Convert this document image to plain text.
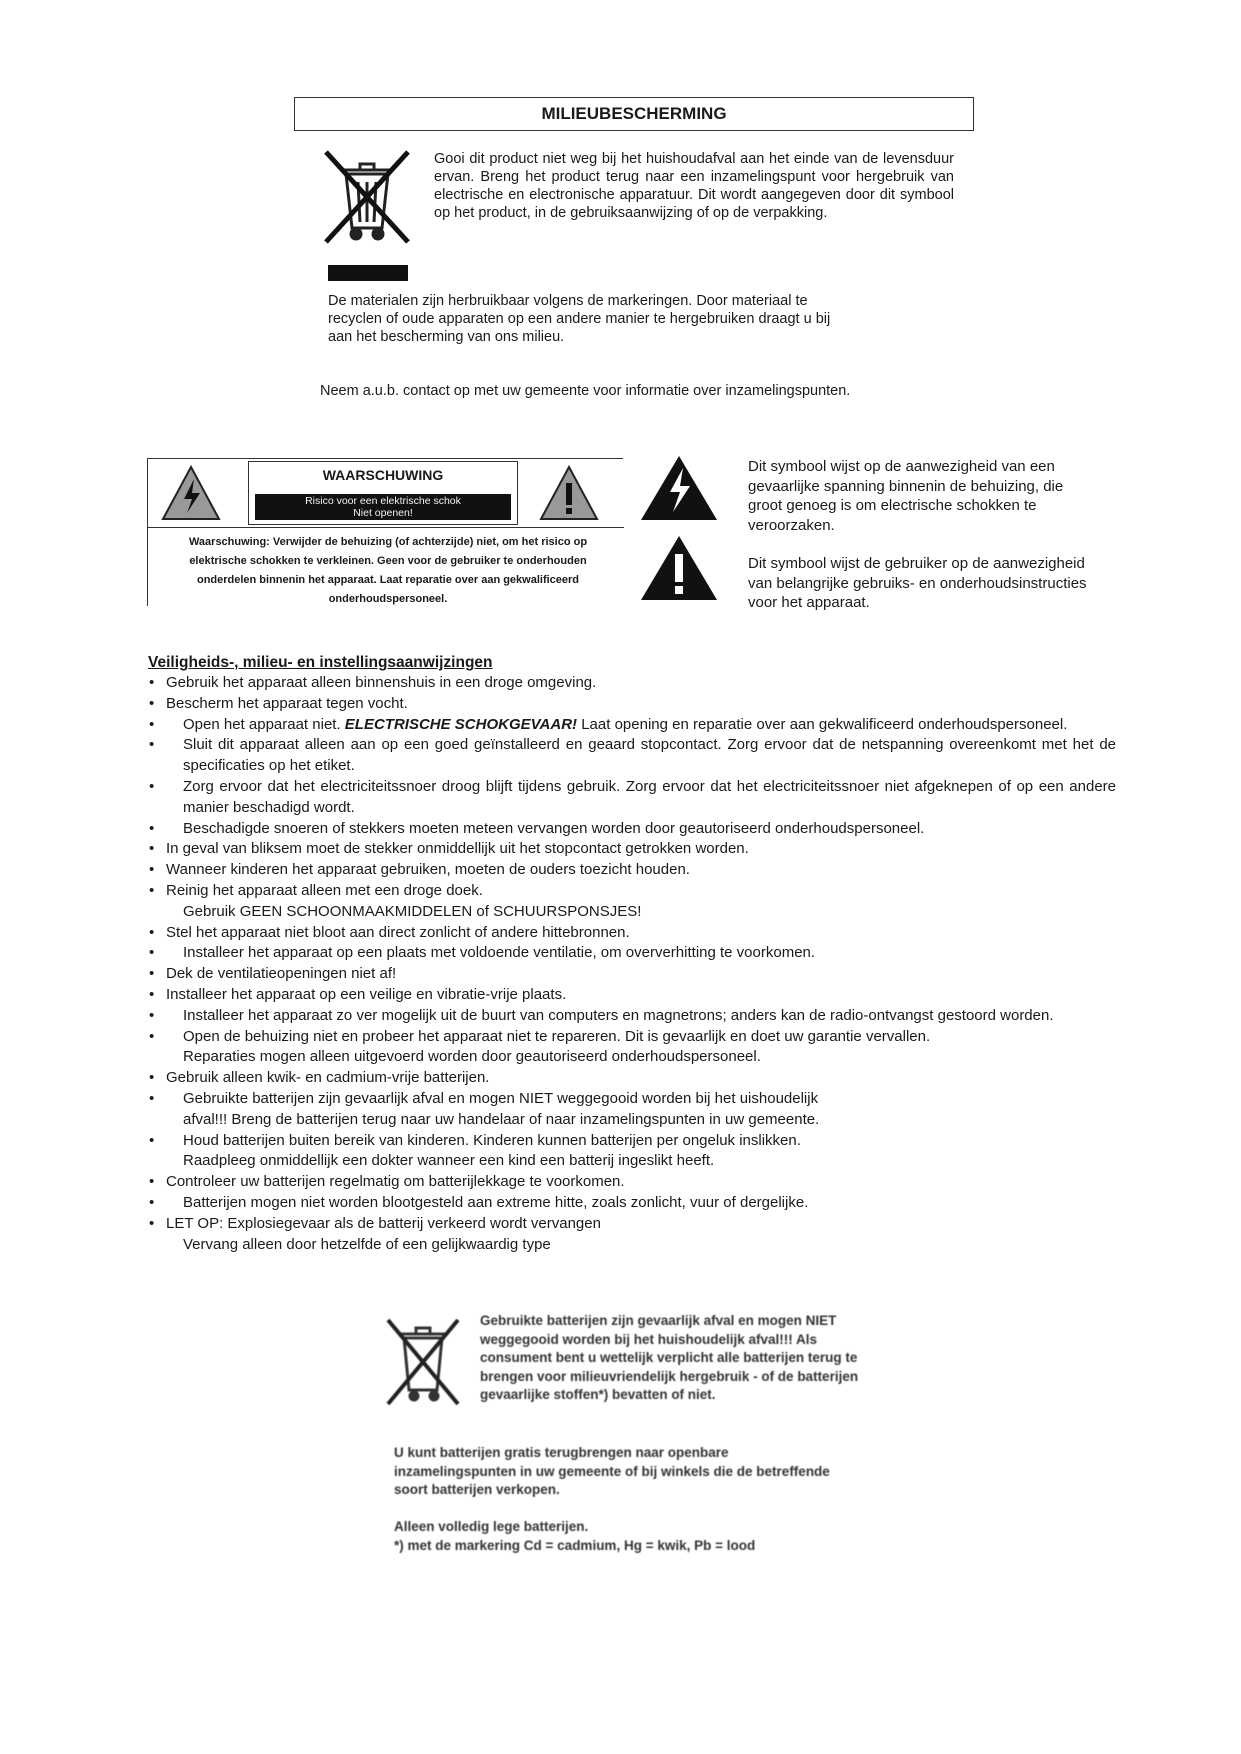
MILIEUBESCHERMING
Gooi dit product niet weg bij het huishoudafval aan het einde van de levensduur ervan. Breng het product terug naar een inzamelingspunt voor hergebruik van electrische en electronische apparatuur. Dit wordt aangegeven door dit symbool op het product, in de gebruiksaanwijzing of op de verpakking.
De materialen zijn herbruikbaar volgens de markeringen. Door materiaal te recyclen of oude apparaten op een andere manier te hergebruiken draagt u bij aan het bescherming van ons milieu.
Neem a.u.b. contact op met uw gemeente voor informatie over inzamelingspunten.
WAARSCHUWING
Risico voor een elektrische schok
Niet openen!
Waarschuwing: Verwijder de behuizing (of achterzijde) niet, om het risico op elektrische schokken te verkleinen. Geen voor de gebruiker te onderhouden onderdelen binnenin het apparaat. Laat reparatie over aan gekwalificeerd onderhoudspersoneel.
Dit symbool wijst op de aanwezigheid van een gevaarlijke spanning binnenin de behuizing, die groot genoeg is om electrische schokken te veroorzaken.
Dit symbool wijst de gebruiker op de aanwezigheid van belangrijke gebruiks- en onderhoudsinstructies voor het apparaat.
Veiligheids-, milieu- en instellingsaanwijzingen
• Gebruik het apparaat alleen binnenshuis in een droge omgeving.
• Bescherm het apparaat tegen vocht.
• Open het apparaat niet. ELECTRISCHE SCHOKGEVAAR! Laat opening en reparatie over aan gekwalificeerd onderhoudspersoneel.
• Sluit dit apparaat alleen aan op een goed geïnstalleerd en geaard stopcontact. Zorg ervoor dat de netspanning overeenkomt met het de specificaties op het etiket.
• Zorg ervoor dat het electriciteitssnoer droog blijft tijdens gebruik. Zorg ervoor dat het electriciteitssnoer niet afgeknepen of op een andere manier beschadigd wordt.
• Beschadigde snoeren of stekkers moeten meteen vervangen worden door geautoriseerd onderhoudspersoneel.
• In geval van bliksem moet de stekker onmiddellijk uit het stopcontact getrokken worden.
• Wanneer kinderen het apparaat gebruiken, moeten de ouders toezicht houden.
• Reinig het apparaat alleen met een droge doek.
Gebruik GEEN SCHOONMAAKMIDDELEN of SCHUURSPONSJES!
• Stel het apparaat niet bloot aan direct zonlicht of andere hittebronnen.
• Installeer het apparaat op een plaats met voldoende ventilatie, om oververhitting te voorkomen.
• Dek de ventilatieopeningen niet af!
• Installeer het apparaat op een veilige en vibratie-vrije plaats.
• Installeer het apparaat zo ver mogelijk uit de buurt van computers en magnetrons; anders kan de radio-ontvangst gestoord worden.
• Open de behuizing niet en probeer het apparaat niet te repareren. Dit is gevaarlijk en doet uw garantie vervallen.
Reparaties mogen alleen uitgevoerd worden door geautoriseerd onderhoudspersoneel.
• Gebruik alleen kwik- en cadmium-vrije batterijen.
• Gebruikte batterijen zijn gevaarlijk afval en mogen NIET weggegooid worden bij het uishoudelijk
afval!!! Breng de batterijen terug naar uw handelaar of naar inzamelingspunten in uw gemeente.
• Houd batterijen buiten bereik van kinderen. Kinderen kunnen batterijen per ongeluk inslikken.
Raadpleeg onmiddellijk een dokter wanneer een kind een batterij ingeslikt heeft.
• Controleer uw batterijen regelmatig om batterijlekkage te voorkomen.
• Batterijen mogen niet worden blootgesteld aan extreme hitte, zoals zonlicht, vuur of dergelijke.
• LET OP: Explosiegevaar als de batterij verkeerd wordt vervangen
Vervang alleen door hetzelfde of een gelijkwaardig type
Gebruikte batterijen zijn gevaarlijk afval en mogen NIET weggegooid worden bij het huishoudelijk afval!!! Als consument bent u wettelijk verplicht alle batterijen terug te brengen voor milieuvriendelijk hergebruik - of de batterijen gevaarlijke stoffen*) bevatten of niet.
U kunt batterijen gratis terugbrengen naar openbare inzamelingspunten in uw gemeente of bij winkels die de betreffende soort batterijen verkopen.
Alleen volledig lege batterijen.
*) met de markering Cd = cadmium, Hg = kwik, Pb = lood
